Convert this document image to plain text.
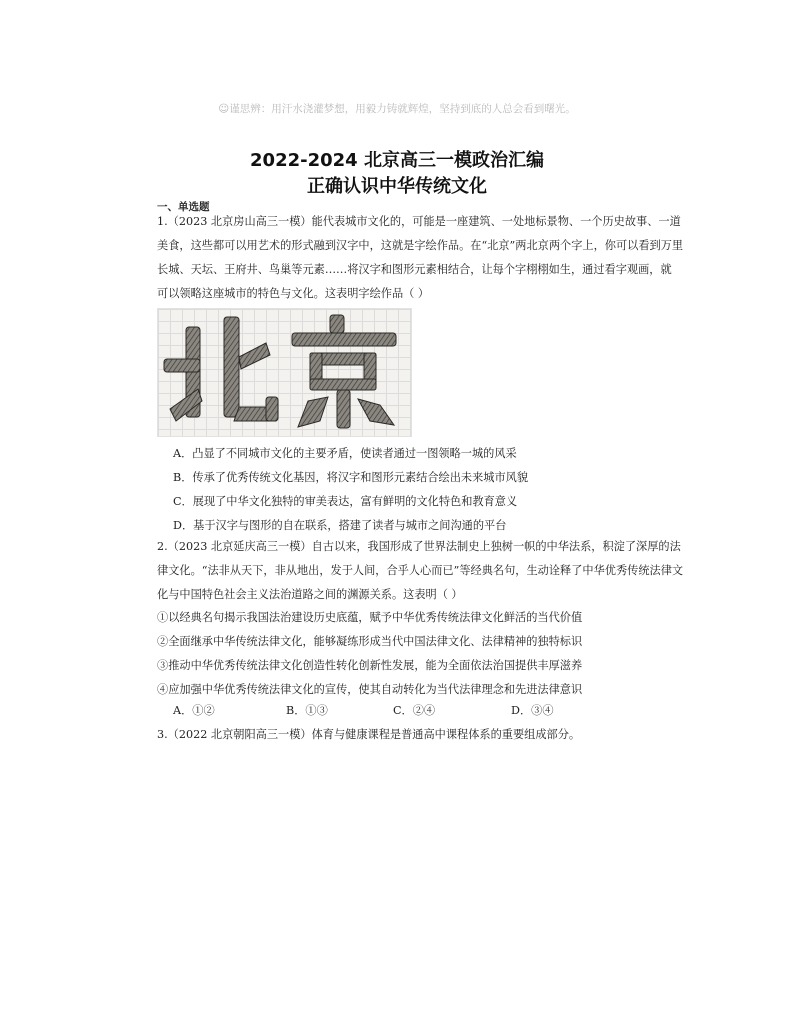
☺谨思辨：用汗水浇灌梦想，用毅力铸就辉煌，坚持到底的人总会看到曙光。
2022-2024 北京高三一模政治汇编
正确认识中华传统文化
一、单选题
1.（2023 北京房山高三一模）能代表城市文化的，可能是一座建筑、一处地标景物、一个历史故事、一道
美食，这些都可以用艺术的形式融到汉字中，这就是字绘作品。在“北京”两北京两个字上，你可以看到万里
长城、天坛、王府井、鸟巢等元素……将汉字和图形元素相结合，让每个字栩栩如生，通过看字观画，就
可以领略这座城市的特色与文化。这表明字绘作品（ ）
A．凸显了不同城市文化的主要矛盾，使读者通过一图领略一城的风采
B．传承了优秀传统文化基因，将汉字和图形元素结合绘出未来城市风貌
C．展现了中华文化独特的审美表达，富有鲜明的文化特色和教育意义
D．基于汉字与图形的自在联系，搭建了读者与城市之间沟通的平台
2.（2023 北京延庆高三一模）自古以来，我国形成了世界法制史上独树一帜的中华法系，积淀了深厚的法
律文化。“法非从天下，非从地出，发于人间，合乎人心而已”等经典名句，生动诠释了中华优秀传统法律文
化与中国特色社会主义法治道路之间的渊源关系。这表明（ ）
①以经典名句揭示我国法治建设历史底蕴，赋予中华优秀传统法律文化鲜活的当代价值
②全面继承中华传统法律文化，能够凝练形成当代中国法律文化、法律精神的独特标识
③推动中华优秀传统法律文化创造性转化创新性发展，能为全面依法治国提供丰厚滋养
④应加强中华优秀传统法律文化的宣传，使其自动转化为当代法律理念和先进法律意识
A．①②	B．①③	C．②④	D．③④
3.（2022 北京朝阳高三一模）体育与健康课程是普通高中课程体系的重要组成部分。
